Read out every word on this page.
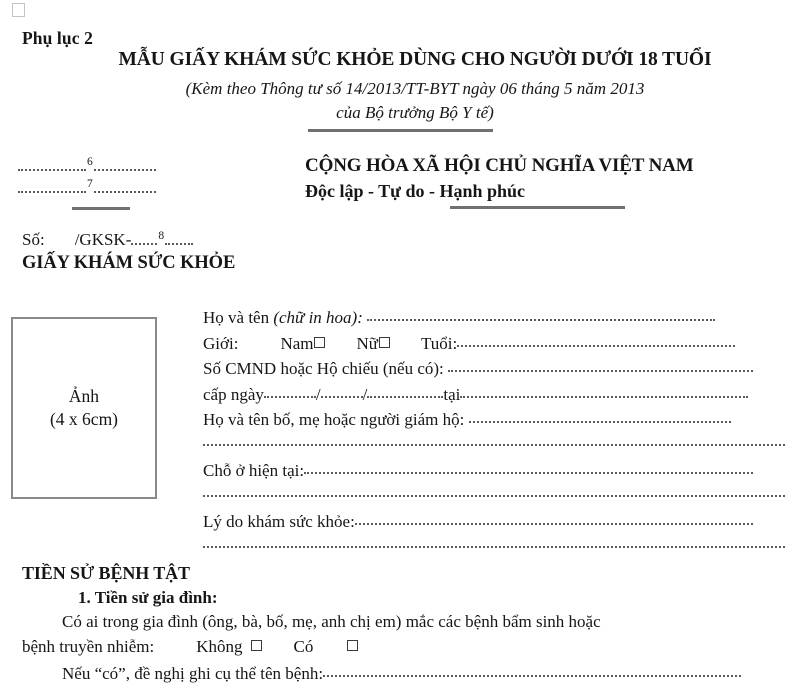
Phụ lục 2
MẪU GIẤY KHÁM SỨC KHỎE DÙNG CHO NGƯỜI DƯỚI 18 TUỔI
(Kèm theo Thông tư số 14/2013/TT-BYT ngày 06 tháng 5 năm 2013
của Bộ trưởng Bộ Y tế)
$^6$
$^7$
CỘNG HÒA XÃ HỘI CHỦ NGHĨA VIỆT NAM
Độc lập - Tự do - Hạnh phúc
Số: /GKSK- $^8$
GIẤY KHÁM SỨC KHỎE
Ảnh
(4 x 6cm)
Họ và tên (chữ in hoa):
Giới: Nam	Nữ	Tuổi:
Số CMND hoặc Hộ chiếu (nếu có):
cấp ngày	/ /	tại
Họ và tên bố, mẹ hoặc người giám hộ:
Chỗ ở hiện tại:
Lý do khám sức khỏe:
TIỀN SỬ BỆNH TẬT
1. Tiền sử gia đình:
Có ai trong gia đình (ông, bà, bố, mẹ, anh chị em) mắc các bệnh bẩm sinh hoặc
bệnh truyền nhiễm: Không	Có
Nếu “có”, đề nghị ghi cụ thể tên bệnh:
